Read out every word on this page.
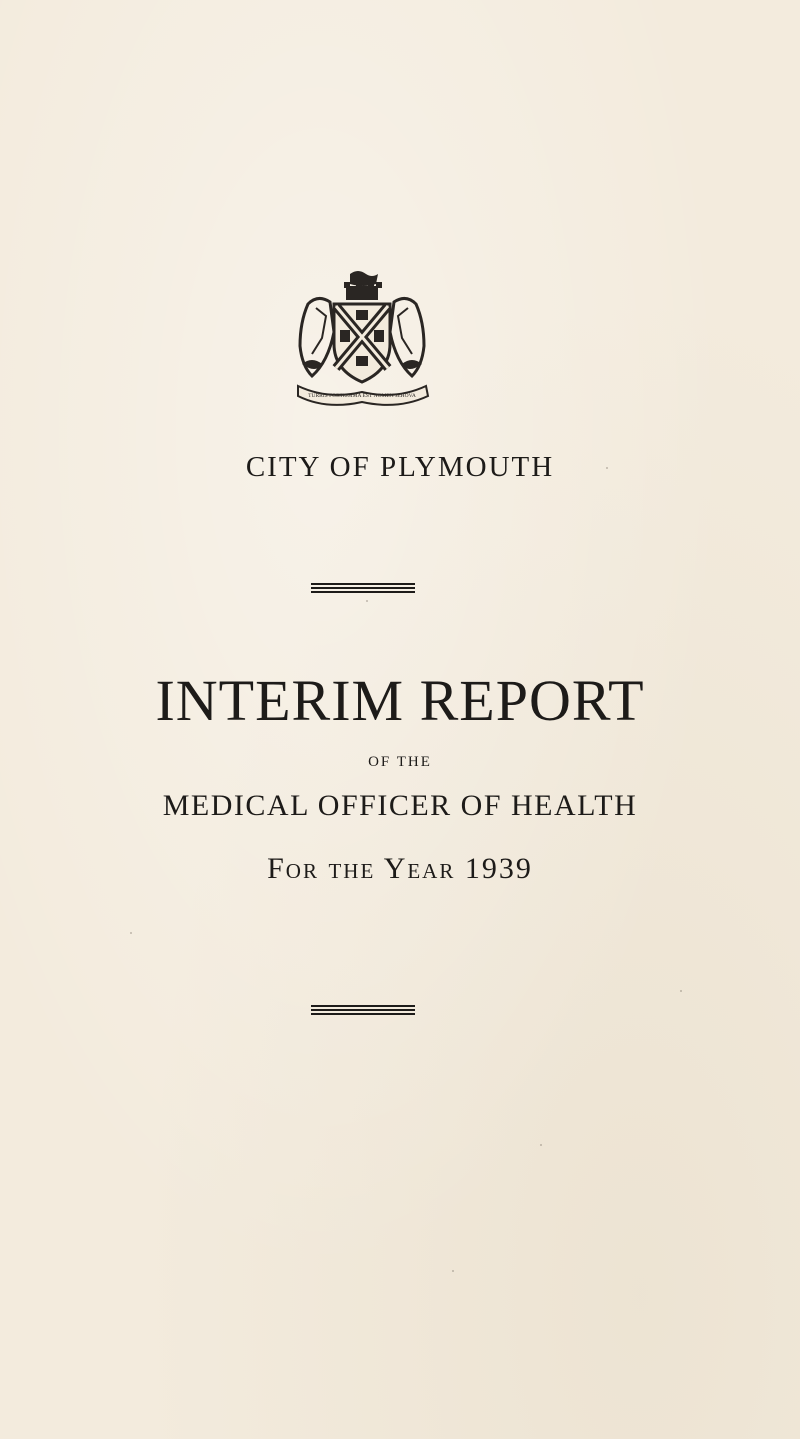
TURRIS FORTISSIMA EST NOMEN JEHOVA
CITY OF PLYMOUTH
INTERIM REPORT
OF THE
MEDICAL OFFICER OF HEALTH
For the Year 1939
